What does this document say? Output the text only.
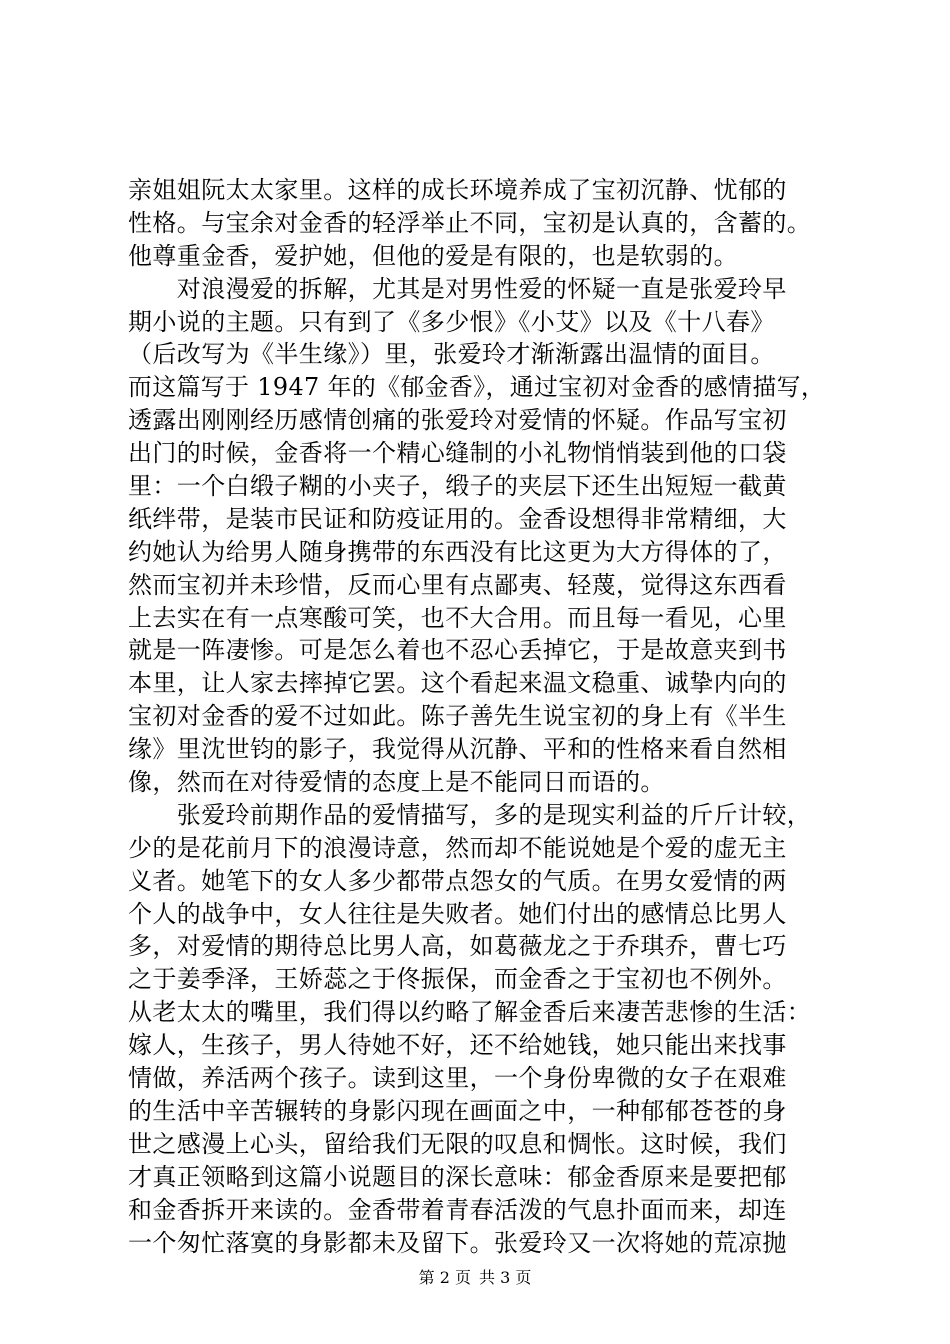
亲姐姐阮太太家里。这样的成长环境养成了宝初沉静、忧郁的
性格。与宝余对金香的轻浮举止不同，宝初是认真的，含蓄的。
他尊重金香，爱护她，但他的爱是有限的，也是软弱的。
　　对浪漫爱的拆解，尤其是对男性爱的怀疑一直是张爱玲早
期小说的主题。只有到了《多少恨》《小艾》以及《十八春》
（后改写为《半生缘》）里，张爱玲才渐渐露出温情的面目。
而这篇写于 1947 年的《郁金香》，通过宝初对金香的感情描写，
透露出刚刚经历感情创痛的张爱玲对爱情的怀疑。作品写宝初
出门的时候，金香将一个精心缝制的小礼物悄悄装到他的口袋
里：一个白缎子糊的小夹子，缎子的夹层下还生出短短一截黄
纸绊带，是装市民证和防疫证用的。金香设想得非常精细，大
约她认为给男人随身携带的东西没有比这更为大方得体的了，
然而宝初并未珍惜，反而心里有点鄙夷、轻蔑，觉得这东西看
上去实在有一点寒酸可笑，也不大合用。而且每一看见，心里
就是一阵凄惨。可是怎么着也不忍心丢掉它，于是故意夹到书
本里，让人家去摔掉它罢。这个看起来温文稳重、诚挚内向的
宝初对金香的爱不过如此。陈子善先生说宝初的身上有《半生
缘》里沈世钧的影子，我觉得从沉静、平和的性格来看自然相
像，然而在对待爱情的态度上是不能同日而语的。
　　张爱玲前期作品的爱情描写，多的是现实利益的斤斤计较，
少的是花前月下的浪漫诗意，然而却不能说她是个爱的虚无主
义者。她笔下的女人多少都带点怨女的气质。在男女爱情的两
个人的战争中，女人往往是失败者。她们付出的感情总比男人
多，对爱情的期待总比男人高，如葛薇龙之于乔琪乔，曹七巧
之于姜季泽，王娇蕊之于佟振保，而金香之于宝初也不例外。
从老太太的嘴里，我们得以约略了解金香后来凄苦悲惨的生活：
嫁人，生孩子，男人待她不好，还不给她钱，她只能出来找事
情做，养活两个孩子。读到这里，一个身份卑微的女子在艰难
的生活中辛苦辗转的身影闪现在画面之中，一种郁郁苍苍的身
世之感漫上心头，留给我们无限的叹息和惆怅。这时候，我们
才真正领略到这篇小说题目的深长意味：郁金香原来是要把郁
和金香拆开来读的。金香带着青春活泼的气息扑面而来，却连
一个匆忙落寞的身影都未及留下。张爱玲又一次将她的荒凉抛
第 2 页 共 3 页
